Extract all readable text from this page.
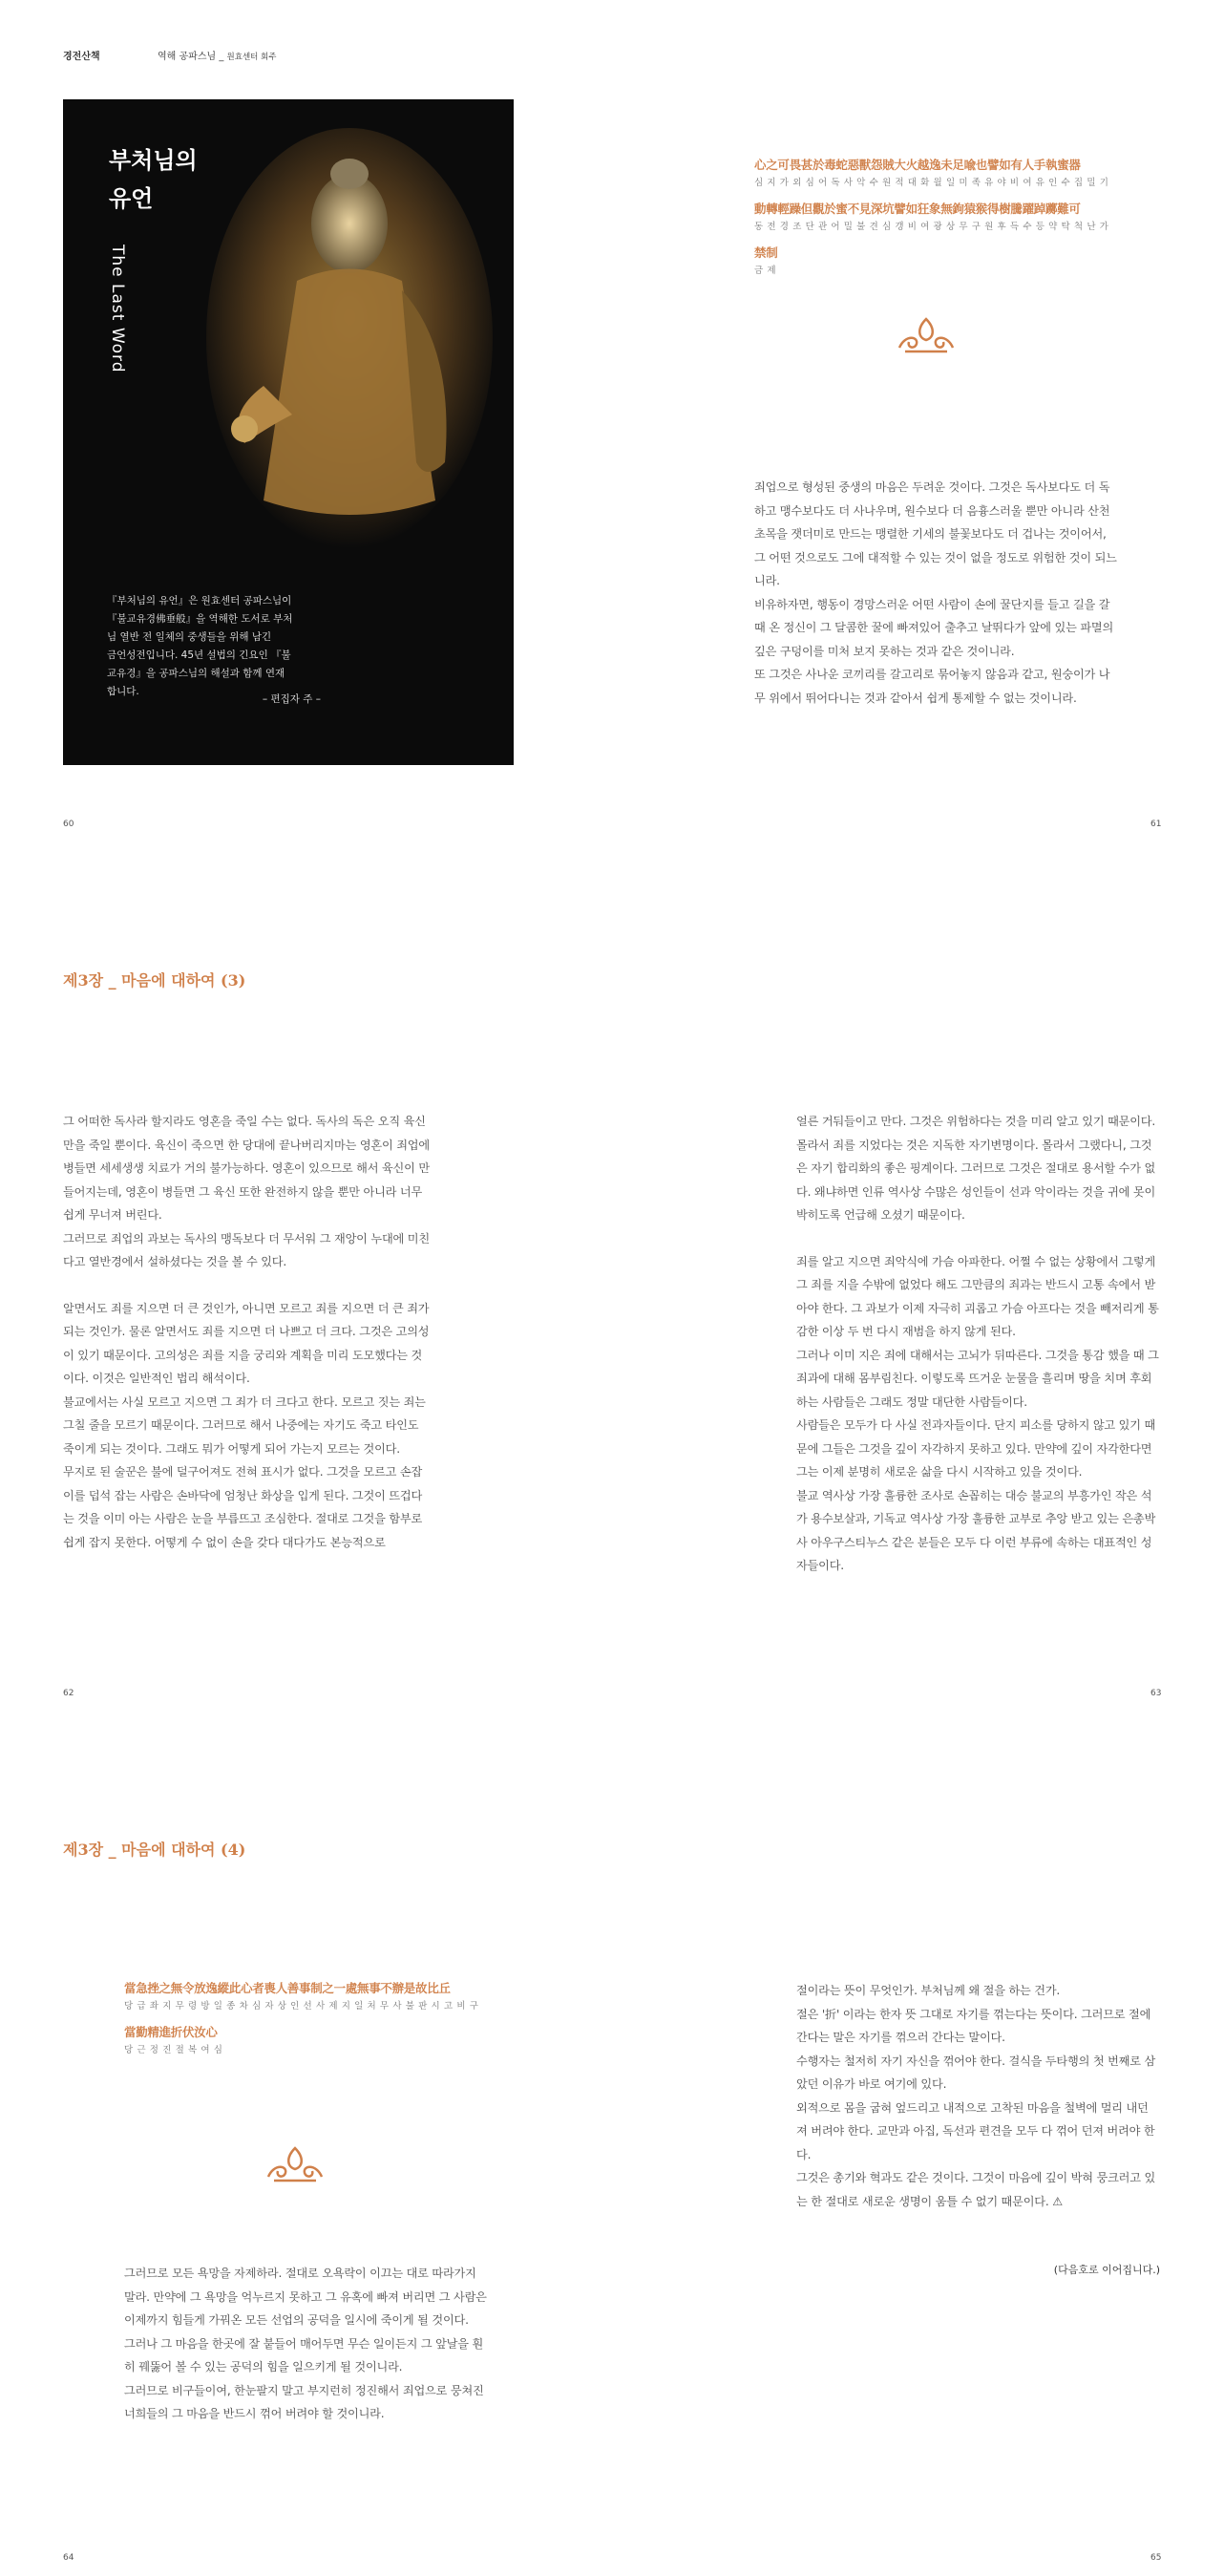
경전산책	역해 공파스님 _ 원효센터 회주
부처님의
유언
The Last Word

『부처님의 유언』은 원효센터 공파스님이

『불교유경佛垂般』을 역해한 도서로 부처

님 열반 전 일체의 중생들을 위해 남긴

금언성전입니다. 45년 설법의 긴요인 『불

교유경』을 공파스님의 해설과 함께 연재

합니다.

– 편집자 주 –
心之可畏甚於毒蛇惡獸怨賊大火越逸未足喩也譬如有人手執蜜器
심 지 가 외 심 어 독 사 악 수 원 적 대 화 월 일 미 족 유 야 비 여 유 인 수 집 밀 기
動轉輕躁但觀於蜜不見深坑譬如狂象無鉤猿猴得樹騰躍踔躑難可
동 전 경 조 단 관 어 밀 불 견 심 갱 비 여 광 상 무 구 원 후 득 수 등 약 탁 척 난 가
禁制
금 제

죄업으로 형성된 중생의 마음은 두려운 것이다. 그것은 독사보다도 더 독하고 맹수보다도 더 사나우며, 원수보다 더 음흉스러울 뿐만 아니라 산천초목을 잿더미로 만드는 맹렬한 기세의 불꽃보다도 더 겁나는 것이어서, 그 어떤 것으로도 그에 대적할 수 있는 것이 없을 정도로 위험한 것이 되느니라.

비유하자면, 행동이 경망스러운 어떤 사람이 손에 꿀단지를 들고 길을 갈 때 온 정신이 그 달콤한 꿀에 빠져있어 출추고 날뛰다가 앞에 있는 파멸의 깊은 구덩이를 미처 보지 못하는 것과 같은 것이니라.

또 그것은 사나운 코끼리를 갈고리로 묶어놓지 않음과 같고, 원숭이가 나무 위에서 뛰어다니는 것과 같아서 쉽게 통제할 수 없는 것이니라.

60	61
제3장 _ 마음에 대하여 (3)

그 어떠한 독사라 할지라도 영혼을 죽일 수는 없다. 독사의 독은 오직 육신만을 죽일 뿐이다. 육신이 죽으면 한 당대에 끝나버리지마는 영혼이 죄업에 병들면 세세생생 치료가 거의 불가능하다. 영혼이 있으므로 해서 육신이 만들어지는데, 영혼이 병들면 그 육신 또한 완전하지 않을 뿐만 아니라 너무 쉽게 무너져 버린다.

그러므로 죄업의 과보는 독사의 맹독보다 더 무서워 그 재앙이 누대에 미친다고 열반경에서 설하셨다는 것을 볼 수 있다.

알면서도 죄를 지으면 더 큰 것인가, 아니면 모르고 죄를 지으면 더 큰 죄가 되는 것인가. 물론 알면서도 죄를 지으면 더 나쁘고 더 크다. 그것은 고의성이 있기 때문이다. 고의성은 죄를 지을 궁리와 계획을 미리 도모했다는 것이다. 이것은 일반적인 법리 해석이다.

불교에서는 사실 모르고 지으면 그 죄가 더 크다고 한다. 모르고 짓는 죄는 그칠 줄을 모르기 때문이다. 그러므로 해서 나중에는 자기도 죽고 타인도 죽이게 되는 것이다. 그래도 뭐가 어떻게 되어 가는지 모르는 것이다.

무지로 된 술꾼은 불에 덜구어져도 전혀 표시가 없다. 그것을 모르고 손잡이를 덥석 잡는 사람은 손바닥에 엄청난 화상을 입게 된다. 그것이 뜨겁다는 것을 이미 아는 사람은 눈을 부릅뜨고 조심한다. 절대로 그것을 함부로 쉽게 잡지 못한다. 어떻게 수 없이 손을 갖다 대다가도 본능적으로

얼른 거둬들이고 만다. 그것은 위험하다는 것을 미리 알고 있기 때문이다. 몰라서 죄를 지었다는 것은 지독한 자기변명이다. 몰라서 그랬다니, 그것은 자기 합리화의 좋은 핑계이다. 그러므로 그것은 절대로 용서할 수가 없다. 왜냐하면 인류 역사상 수많은 성인들이 선과 악이라는 것을 귀에 못이 박히도록 언급해 오셨기 때문이다.

죄를 알고 지으면 죄악식에 가슴 아파한다. 어쩔 수 없는 상황에서 그렇게 그 죄를 지을 수밖에 없었다 해도 그만큼의 죄과는 반드시 고통 속에서 받아야 한다. 그 과보가 이제 자극히 괴롭고 가슴 아프다는 것을 빼저리게 통감한 이상 두 번 다시 재범을 하지 않게 된다.

그러나 이미 지은 죄에 대해서는 고뇌가 뒤따른다. 그것을 통감 했을 때 그 죄과에 대해 몸부림친다. 이렇도록 뜨거운 눈물을 흘리며 땅을 치며 후회하는 사람들은 그래도 정말 대단한 사람들이다.

사람들은 모두가 다 사실 전과자들이다. 단지 피소를 당하지 않고 있기 때문에 그들은 그것을 깊이 자각하지 못하고 있다. 만약에 깊이 자각한다면 그는 이제 분명히 새로운 삶을 다시 시작하고 있을 것이다.

불교 역사상 가장 훌륭한 조사로 손꼽히는 대승 불교의 부흥가인 작은 석가 용수보살과, 기독교 역사상 가장 훌륭한 교부로 추앙 받고 있는 은총박사 아우구스티누스 같은 분들은 모두 다 이런 부류에 속하는 대표적인 성자들이다.

62	63
제3장 _ 마음에 대하여 (4)
當急挫之無令放逸縱此心者喪人善事制之一處無事不辦是故比丘
당 급 좌 지 무 령 방 일 종 차 심 자 상 인 선 사 제 지 일 처 무 사 불 판 시 고 비 구
當勤精進折伏汝心
당 근 정 진 절 복 여 심

그러므로 모든 욕망을 자제하라. 절대로 오욕락이 이끄는 대로 따라가지 말라. 만약에 그 욕망을 억누르지 못하고 그 유혹에 빠져 버리면 그 사람은 이제까지 힘들게 가꿔온 모든 선업의 공덕을 일시에 죽이게 될 것이다.

그러나 그 마음을 한곳에 잘 붙들어 매어두면 무슨 일이든지 그 앞날을 훤히 꿰뚫어 볼 수 있는 공덕의 힘을 일으키게 될 것이니라.

그러므로 비구들이여, 한눈팔지 말고 부지런히 정진해서 죄업으로 뭉쳐진 너희들의 그 마음을 반드시 꺾어 버려야 할 것이니라.

절이라는 뜻이 무엇인가. 부처님께 왜 절을 하는 건가.

절은 '折' 이라는 한자 뜻 그대로 자기를 꺾는다는 뜻이다. 그러므로 절에 간다는 말은 자기를 꺾으러 간다는 말이다.

수행자는 철저히 자기 자신을 꺾어야 한다. 걸식을 두타행의 첫 번째로 삼았던 이유가 바로 여기에 있다.

외적으로 몸을 굽혀 엎드리고 내적으로 고착된 마음을 철벽에 멀리 내던져 버려야 한다. 교만과 아집, 독선과 편견을 모두 다 꺾어 던져 버려야 한다.

그것은 총기와 혁과도 같은 것이다. 그것이 마음에 깊이 박혀 뭉크러고 있는 한 절대로 새로운 생명이 움틀 수 없기 때문이다. ⚠

(다음호로 이어집니다.)
64	65
